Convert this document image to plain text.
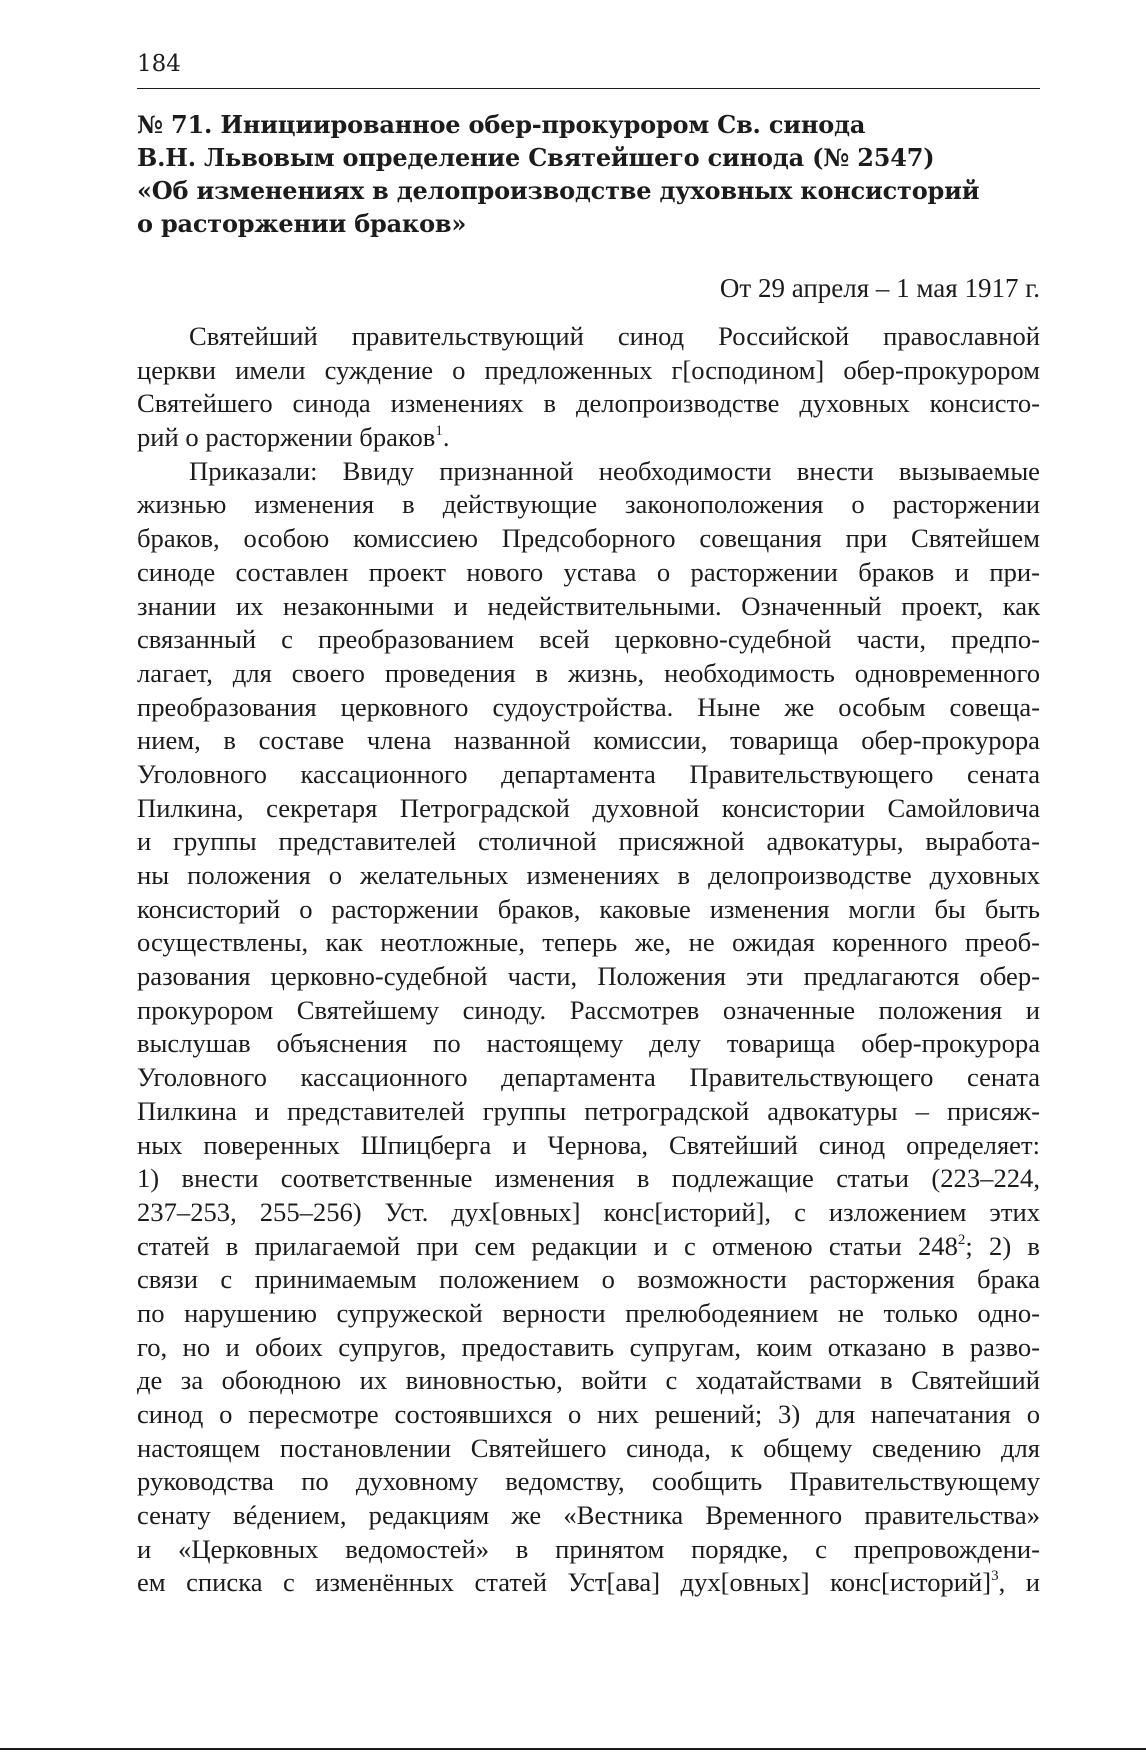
184
№ 71. Инициированное обер-прокурором Св. синода
В.Н. Львовым определение Святейшего синода (№ 2547)
«Об изменениях в делопроизводстве духовных консисторий
о расторжении браков»
От 29 апреля – 1 мая 1917 г.

Святейший правительствующий синод Российской православной
церкви имели суждение о предложенных г[осподином] обер-прокурором
Святейшего синода изменениях в делопроизводстве духовных консисто-
рий о расторжении браков$^1$.

Приказали: Ввиду признанной необходимости внести вызываемые
жизнью изменения в действующие законоположения о расторжении
браков, особою комиссиею Предсоборного совещания при Святейшем
синоде составлен проект нового устава о расторжении браков и при-
знании их незаконными и недействительными. Означенный проект, как
связанный с преобразованием всей церковно-судебной части, предпо-
лагает, для своего проведения в жизнь, необходимость одновременного
преобразования церковного судоустройства. Ныне же особым совеща-
нием, в составе члена названной комиссии, товарища обер-прокурора
Уголовного кассационного департамента Правительствующего сената
Пилкина, секретаря Петроградской духовной консистории Самойловича
и группы представителей столичной присяжной адвокатуры, выработа-
ны положения о желательных изменениях в делопроизводстве духовных
консисторий о расторжении браков, каковые изменения могли бы быть
осуществлены, как неотложные, теперь же, не ожидая коренного преоб-
разования церковно-судебной части, Положения эти предлагаются обер-
прокурором Святейшему синоду. Рассмотрев означенные положения и
выслушав объяснения по настоящему делу товарища обер-прокурора
Уголовного кассационного департамента Правительствующего сената
Пилкина и представителей группы петроградской адвокатуры – присяж-
ных поверенных Шпицберга и Чернова, Святейший синод определяет:
1) внести соответственные изменения в подлежащие статьи (223–224,
237–253, 255–256) Уст. дух[овных] конс[историй], с изложением этих
статей в прилагаемой при сем редакции и с отменою статьи 248$^2$; 2) в
связи с принимаемым положением о возможности расторжения брака
по нарушению супружеской верности прелюбодеянием не только одно-
го, но и обоих супругов, предоставить супругам, коим отказано в разво-
де за обоюдною их виновностью, войти с ходатайствами в Святейший
синод о пересмотре состоявшихся о них решений; 3) для напечатания о
настоящем постановлении Святейшего синода, к общему сведению для
руководства по духовному ведомству, сообщить Правительствующему
сенату вéдением, редакциям же «Вестника Временного правительства»
и «Церковных ведомостей» в принятом порядке, с препровождени-
ем списка с изменённых статей Уст[ава] дух[овных] конс[историй]$^3$, и
